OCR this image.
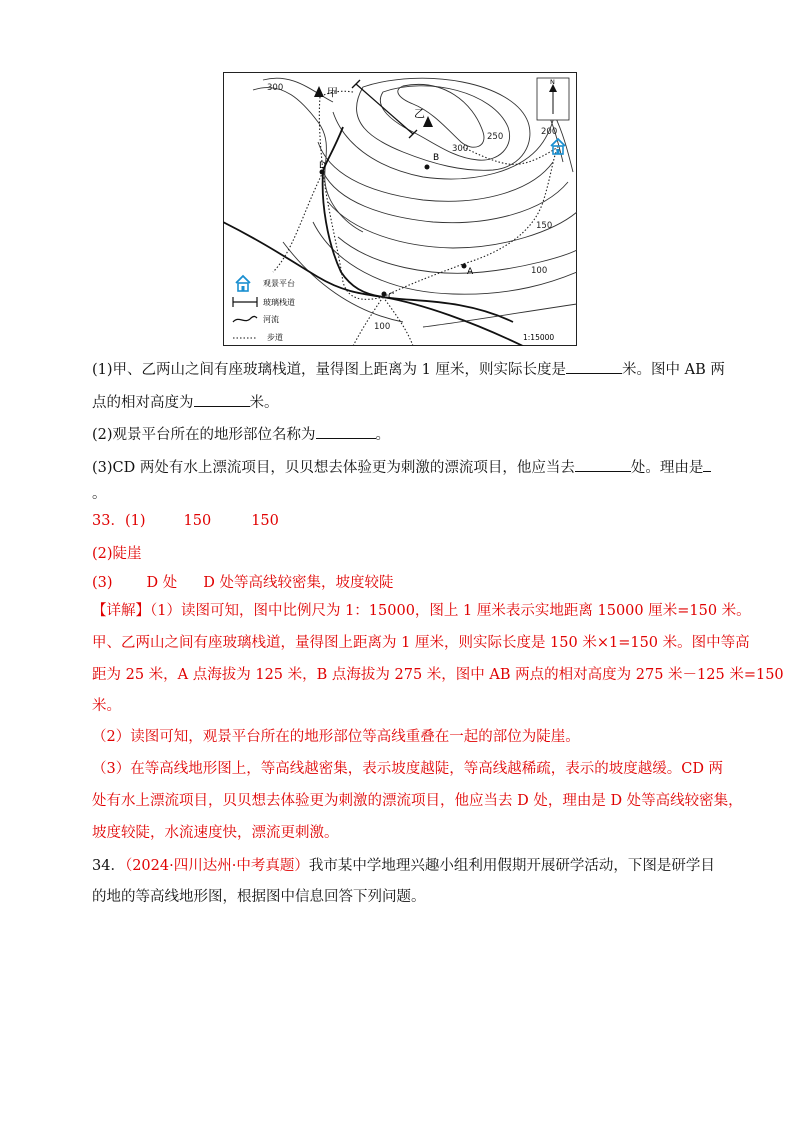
甲
乙
300
300
250	200
150
100
100
B
A
C
D
N
观景平台
玻璃栈道
河流
步道	1:15000
(1)甲、乙两山之间有座玻璃栈道，量得图上距离为 1 厘米，则实际长度是	米。图中 AB 两
点的相对高度为	米。
(2)观景平台所在的地形部位名称为	。
(3)CD 两处有水上漂流项目，贝贝想去体验更为刺激的漂流项目，他应当去	处。理由是
。
33．(1)	150	150
(2)陡崖
(3) D 处 D 处等高线较密集，坡度较陡
【详解】（1）读图可知，图中比例尺为 1：15000，图上 1 厘米表示实地距离 15000 厘米=150 米。
甲、乙两山之间有座玻璃栈道，量得图上距离为 1 厘米，则实际长度是 150 米×1=150 米。图中等高
距为 25 米，A 点海拔为 125 米，B 点海拔为 275 米，图中 AB 两点的相对高度为 275 米－125 米=150
米。
（2）读图可知，观景平台所在的地形部位等高线重叠在一起的部位为陡崖。
（3）在等高线地形图上，等高线越密集，表示坡度越陡，等高线越稀疏，表示的坡度越缓。CD 两
处有水上漂流项目，贝贝想去体验更为刺激的漂流项目，他应当去 D 处，理由是 D 处等高线较密集，
坡度较陡，水流速度快，漂流更刺激。
34．（2024·四川达州·中考真题）我市某中学地理兴趣小组利用假期开展研学活动，下图是研学目
的地的等高线地形图，根据图中信息回答下列问题。
